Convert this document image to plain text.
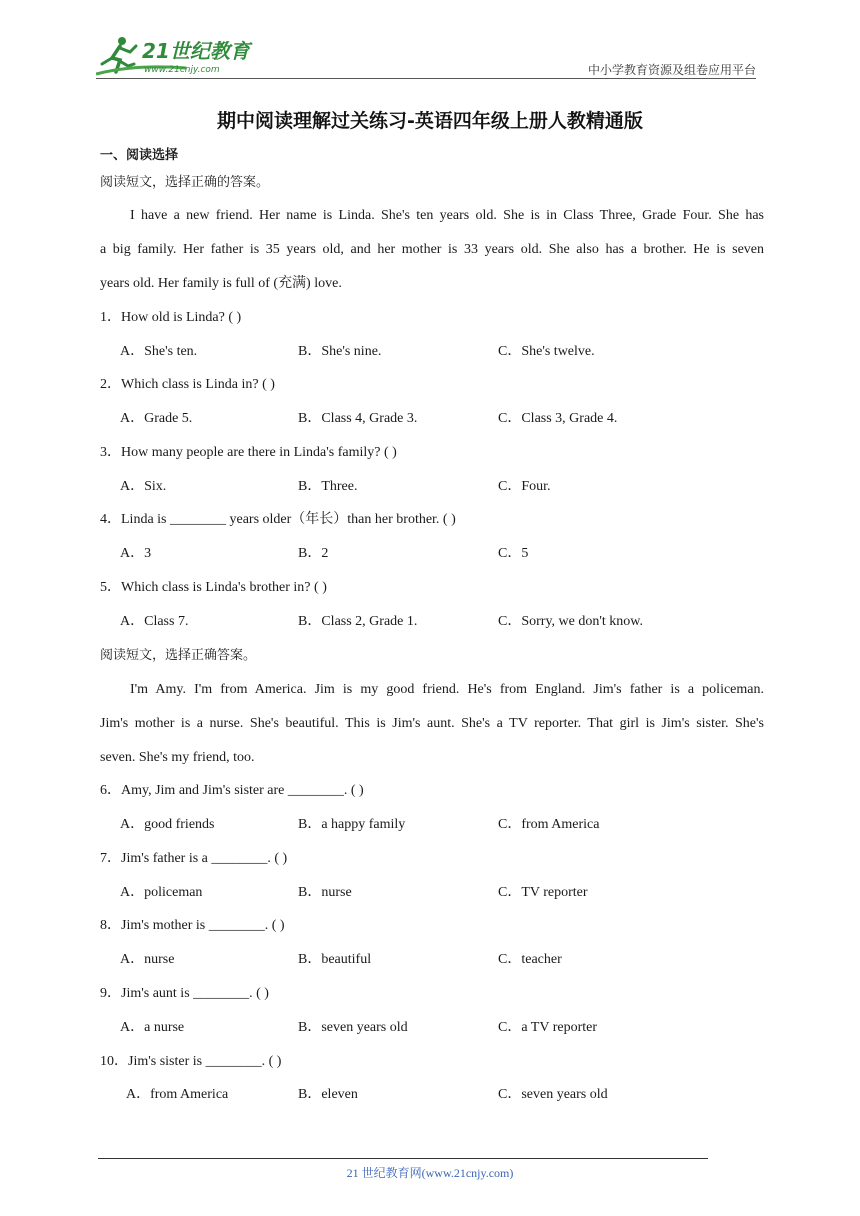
21世纪教育
www.21cnjy.com	中小学教育资源及组卷应用平台
期中阅读理解过关练习-英语四年级上册人教精通版
一、阅读选择
阅读短文，选择正确的答案。
I have a new friend. Her name is Linda. She's ten years old. She is in Class Three, Grade Four. She has
a big family. Her father is 35 years old, and her mother is 33 years old. She also has a brother. He is seven
years old. Her family is full of (充满) love.
1．How old is Linda? ( )
A．She's ten.	B．She's nine.	C．She's twelve.
2．Which class is Linda in? ( )
A．Grade 5.	B．Class 4, Grade 3.	C．Class 3, Grade 4.
3．How many people are there in Linda's family? ( )
A．Six.	B．Three.	C．Four.
4．Linda is ________ years older（年长）than her brother. ( )
A．3	B．2	C．5
5．Which class is Linda's brother in? ( )
A．Class 7.	B．Class 2, Grade 1.	C．Sorry, we don't know.
阅读短文，选择正确答案。
I'm Amy. I'm from America. Jim is my good friend. He's from England. Jim's father is a policeman.
Jim's mother is a nurse. She's beautiful. This is Jim's aunt. She's a TV reporter. That girl is Jim's sister. She's
seven. She's my friend, too.
6．Amy, Jim and Jim's sister are ________. ( )
A．good friends	B．a happy family	C．from America
7．Jim's father is a ________. ( )
A．policeman	B．nurse	C．TV reporter
8．Jim's mother is ________. ( )
A．nurse	B．beautiful	C．teacher
9．Jim's aunt is ________. ( )
A．a nurse	B．seven years old	C．a TV reporter
10．Jim's sister is ________. ( )
A．from America	B．eleven	C．seven years old
21 世纪教育网(www.21cnjy.com)
